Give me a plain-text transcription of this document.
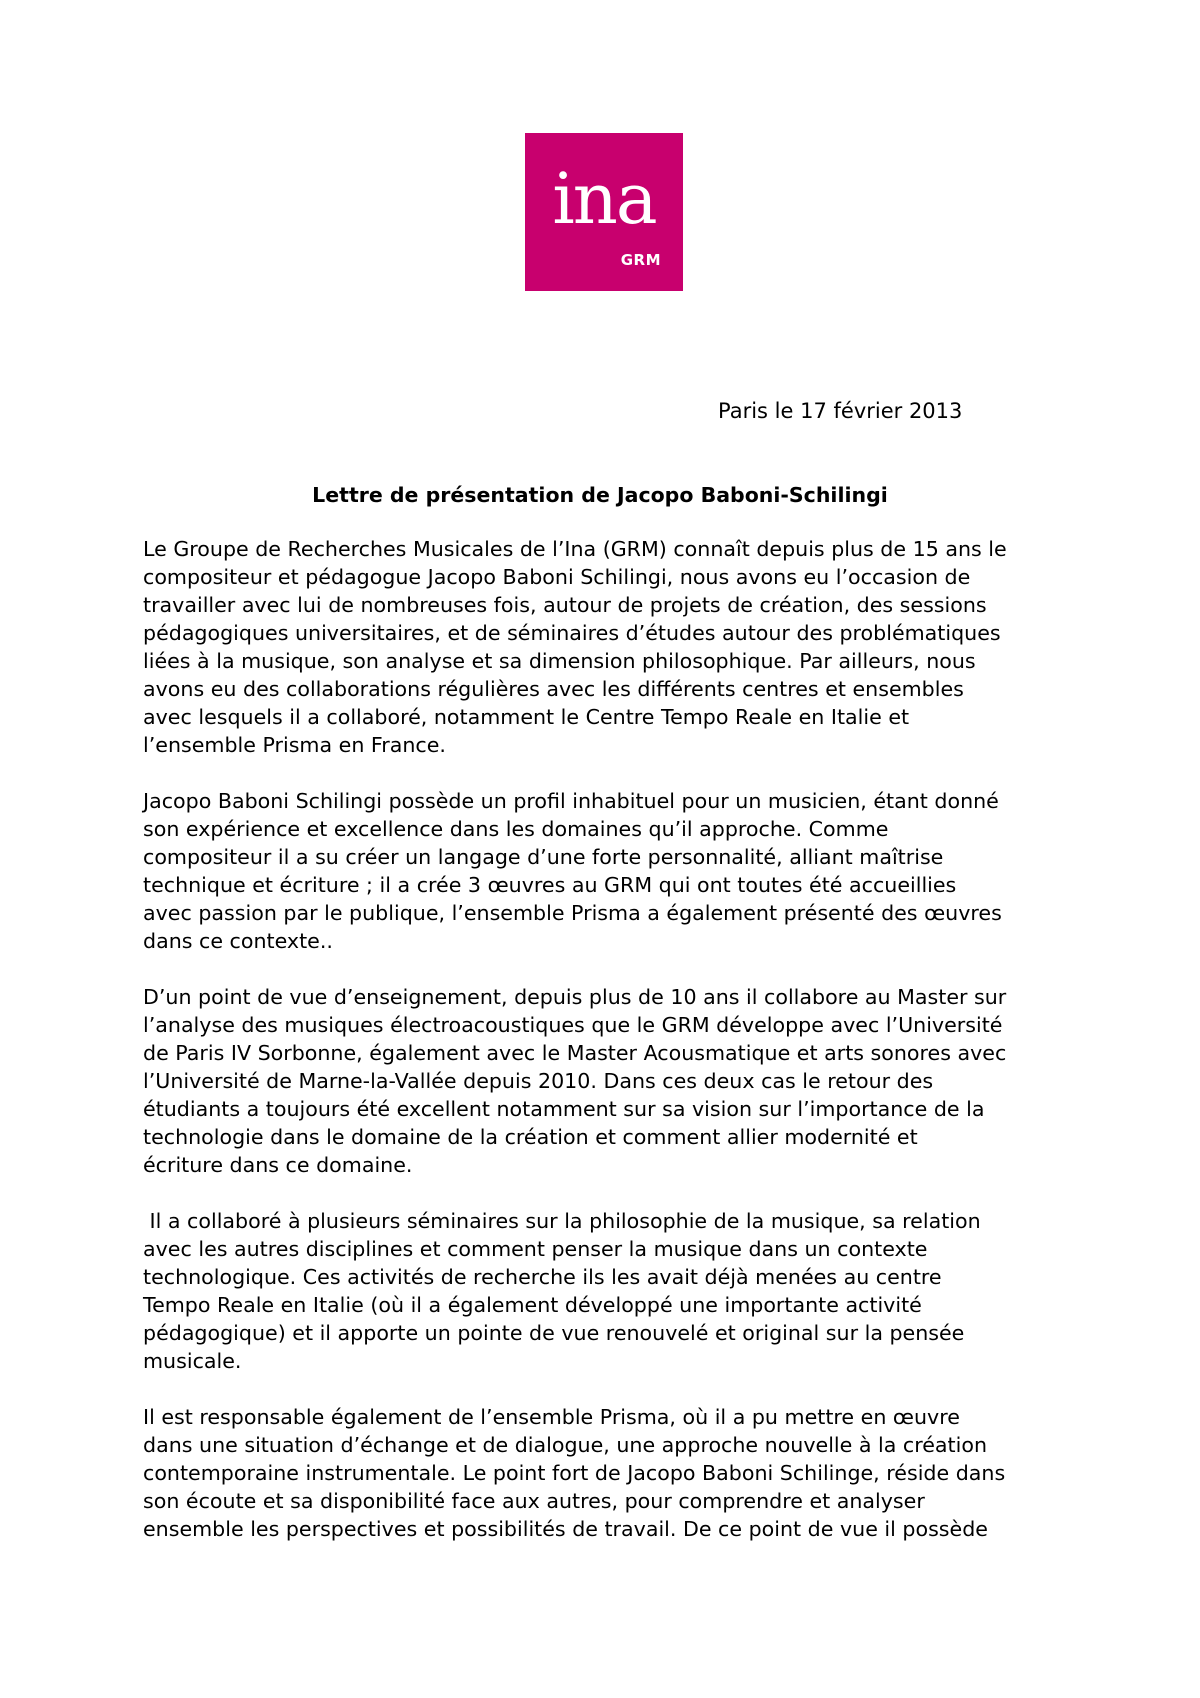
ina
GRM
Paris le 17 février 2013
Lettre de présentation de Jacopo Baboni-Schilingi
Le Groupe de Recherches Musicales de l’Ina (GRM) connaît depuis plus de 15 ans le
compositeur et pédagogue Jacopo Baboni Schilingi, nous avons eu l’occasion de
travailler avec lui de nombreuses fois, autour de projets de création, des sessions
pédagogiques universitaires, et de séminaires d’études autour des problématiques
liées à la musique, son analyse et sa dimension philosophique. Par ailleurs, nous
avons eu des collaborations régulières avec les différents centres et ensembles
avec lesquels il a collaboré, notamment le Centre Tempo Reale en Italie et
l’ensemble Prisma en France.
Jacopo Baboni Schilingi possède un profil inhabituel pour un musicien, étant donné
son expérience et excellence dans les domaines qu’il approche. Comme
compositeur il a su créer un langage d’une forte personnalité, alliant maîtrise
technique et écriture ; il a crée 3 œuvres au GRM qui ont toutes été accueillies
avec passion par le publique, l’ensemble Prisma a également présenté des œuvres
dans ce contexte..
D’un point de vue d’enseignement, depuis plus de 10 ans il collabore au Master sur
l’analyse des musiques électroacoustiques que le GRM développe avec l’Université
de Paris IV Sorbonne, également avec le Master Acousmatique et arts sonores avec
l’Université de Marne-la-Vallée depuis 2010. Dans ces deux cas le retour des
étudiants a toujours été excellent notamment sur sa vision sur l’importance de la
technologie dans le domaine de la création et comment allier modernité et
écriture dans ce domaine.
Il a collaboré à plusieurs séminaires sur la philosophie de la musique, sa relation
avec les autres disciplines et comment penser la musique dans un contexte
technologique. Ces activités de recherche ils les avait déjà menées au centre
Tempo Reale en Italie (où il a également développé une importante activité
pédagogique) et il apporte un pointe de vue renouvelé et original sur la pensée
musicale.
Il est responsable également de l’ensemble Prisma, où il a pu mettre en œuvre
dans une situation d’échange et de dialogue, une approche nouvelle à la création
contemporaine instrumentale. Le point fort de Jacopo Baboni Schilinge, réside dans
son écoute et sa disponibilité face aux autres, pour comprendre et analyser
ensemble les perspectives et possibilités de travail. De ce point de vue il possède
